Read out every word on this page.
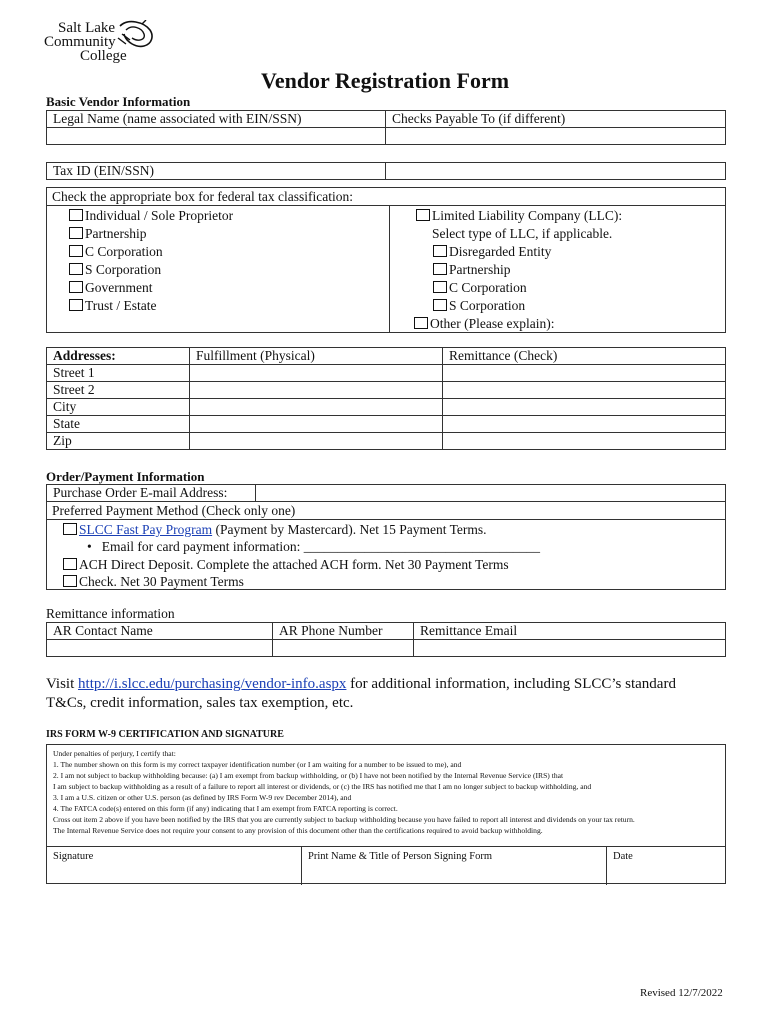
Salt Lake
Community
College
Vendor Registration Form
Basic Vendor Information
Legal Name (name associated with EIN/SSN)	Checks Payable To (if different)

Tax ID (EIN/SSN)	
Check the appropriate box for federal tax classification:
Individual / Sole Proprietor
Partnership
C Corporation
S Corporation
Government
Trust / Estate
Limited Liability Company (LLC):
Select type of LLC, if applicable.
Disregarded Entity
Partnership
C Corporation
S Corporation
Other (Please explain):
Addresses:	Fulfillment (Physical)	Remittance (Check)
Street 1		
Street 2		
City		
State		
Zip		
Order/Payment Information
Purchase Order E-mail Address:	
Preferred Payment Method (Check only one)
SLCC Fast Pay Program (Payment by Mastercard). Net 15 Payment Terms.
• Email for card payment information: ___________________________________
ACH Direct Deposit. Complete the attached ACH form. Net 30 Payment Terms
Check. Net 30 Payment Terms
Remittance information
AR Contact Name	AR Phone Number	Remittance Email

Visit http://i.slcc.edu/purchasing/vendor-info.aspx for additional information, including SLCC’s standard
T&Cs, credit information, sales tax exemption, etc.
IRS FORM W-9 CERTIFICATION AND SIGNATURE
Under penalties of perjury, I certify that:
1. The number shown on this form is my correct taxpayer identification number (or I am waiting for a number to be issued to me), and
2. I am not subject to backup withholding because: (a) I am exempt from backup withholding, or (b) I have not been notified by the Internal Revenue Service (IRS) that
I am subject to backup withholding as a result of a failure to report all interest or dividends, or (c) the IRS has notified me that I am no longer subject to backup withholding, and
3. I am a U.S. citizen or other U.S. person (as defined by IRS Form W-9 rev December 2014), and
4. The FATCA code(s) entered on this form (if any) indicating that I am exempt from FATCA reporting is correct.
Cross out item 2 above if you have been notified by the IRS that you are currently subject to backup withholding because you have failed to report all interest and dividends on your tax return.
The Internal Revenue Service does not require your consent to any provision of this document other than the certifications required to avoid backup withholding.
Signature	Print Name & Title of Person Signing Form	Date
Revised 12/7/2022
